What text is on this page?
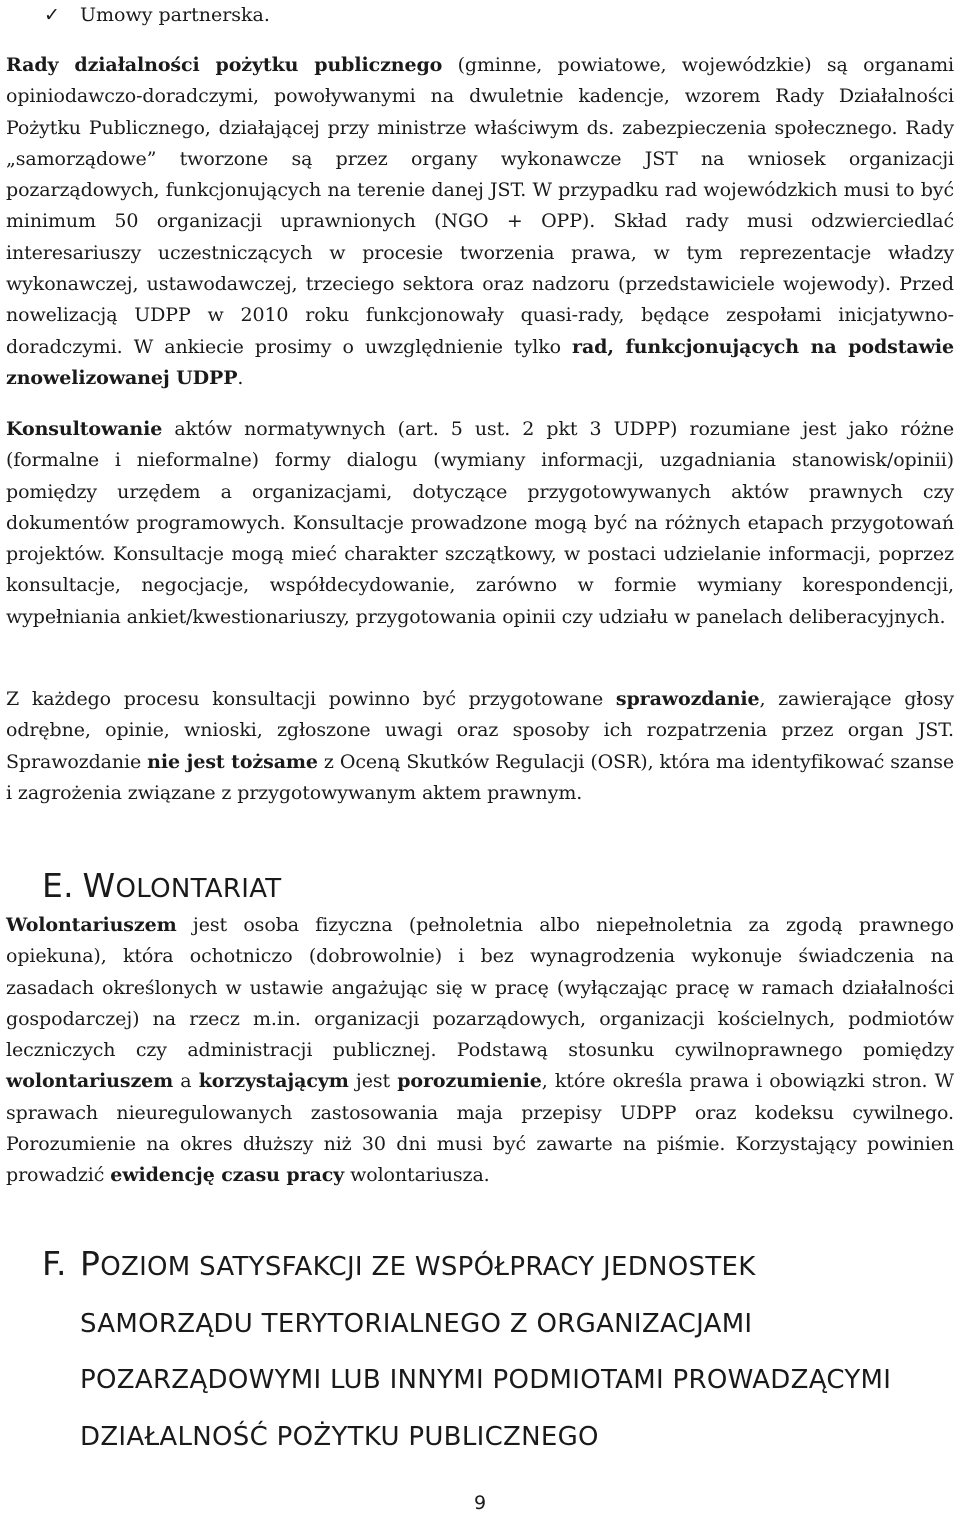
✓	Umowy partnerska.

Rady działalności pożytku publicznego (gminne, powiatowe, wojewódzkie) są organami opiniodawczo-doradczymi, powoływanymi na dwuletnie kadencje, wzorem Rady Działalności Pożytku Publicznego, działającej przy ministrze właściwym ds. zabezpieczenia społecznego. Rady „samorządowe” tworzone są przez organy wykonawcze JST na wniosek organizacji pozarządowych, funkcjonujących na terenie danej JST. W przypadku rad wojewódzkich musi to być minimum 50 organizacji uprawnionych (NGO + OPP). Skład rady musi odzwierciedlać interesariuszy uczestniczących w procesie tworzenia prawa, w tym reprezentacje władzy wykonawczej, ustawodawczej, trzeciego sektora oraz nadzoru (przedstawiciele wojewody). Przed nowelizacją UDPP w 2010 roku funkcjonowały quasi-rady, będące zespołami inicjatywno-doradczymi. W ankiecie prosimy o uwzględnienie tylko rad, funkcjonujących na podstawie znowelizowanej UDPP.

Konsultowanie aktów normatywnych (art. 5 ust. 2 pkt 3 UDPP) rozumiane jest jako różne (formalne i nieformalne) formy dialogu (wymiany informacji, uzgadniania stanowisk/opinii) pomiędzy urzędem a organizacjami, dotyczące przygotowywanych aktów prawnych czy dokumentów programowych. Konsultacje prowadzone mogą być na różnych etapach przygotowań projektów. Konsultacje mogą mieć charakter szczątkowy, w postaci udzielanie informacji, poprzez konsultacje, negocjacje, współdecydowanie, zarówno w formie wymiany korespondencji, wypełniania ankiet/kwestionariuszy, przygotowania opinii czy udziału w panelach deliberacyjnych.

Z każdego procesu konsultacji powinno być przygotowane sprawozdanie, zawierające głosy odrębne, opinie, wnioski, zgłoszone uwagi oraz sposoby ich rozpatrzenia przez organ JST. Sprawozdanie nie jest tożsame z Oceną Skutków Regulacji (OSR), która ma identyfikować szanse i zagrożenia związane z przygotowywanym aktem prawnym.

E. WOLONTARIAT

Wolontariuszem jest osoba fizyczna (pełnoletnia albo niepełnoletnia za zgodą prawnego opiekuna), która ochotniczo (dobrowolnie) i bez wynagrodzenia wykonuje świadczenia na zasadach określonych w ustawie angażując się w pracę (wyłączając pracę w ramach działalności gospodarczej) na rzecz m.in. organizacji pozarządowych, organizacji kościelnych, podmiotów leczniczych czy administracji publicznej. Podstawą stosunku cywilnoprawnego pomiędzy wolontariuszem a korzystającym jest porozumienie, które określa prawa i obowiązki stron. W sprawach nieuregulowanych zastosowania maja przepisy UDPP oraz kodeksu cywilnego. Porozumienie na okres dłuższy niż 30 dni musi być zawarte na piśmie. Korzystający powinien prowadzić ewidencję czasu pracy wolontariusza.

F. POZIOM SATYSFAKCJI ZE WSPÓŁPRACY JEDNOSTEK
SAMORZĄDU TERYTORIALNEGO Z ORGANIZACJAMI
POZARZĄDOWYMI LUB INNYMI PODMIOTAMI PROWADZĄCYMI
DZIAŁALNOŚĆ POŻYTKU PUBLICZNEGO
9
